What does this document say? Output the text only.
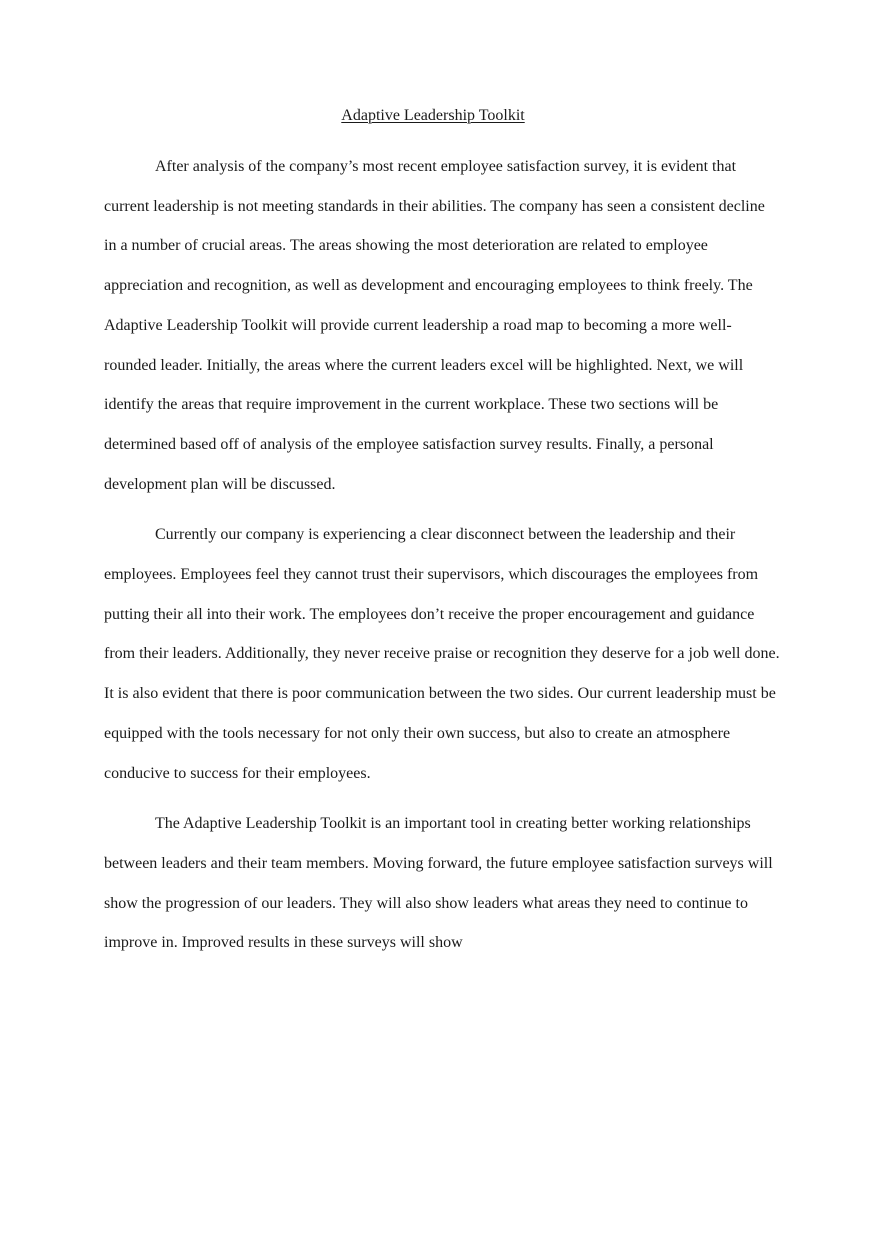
Adaptive Leadership Toolkit

After analysis of the company’s most recent employee satisfaction survey, it is evident that current leadership is not meeting standards in their abilities. The company has seen a consistent decline in a number of crucial areas. The areas showing the most deterioration are related to employee appreciation and recognition, as well as development and encouraging employees to think freely. The Adaptive Leadership Toolkit will provide current leadership a road map to becoming a more well-rounded leader. Initially, the areas where the current leaders excel will be highlighted. Next, we will identify the areas that require improvement in the current workplace. These two sections will be determined based off of analysis of the employee satisfaction survey results. Finally, a personal development plan will be discussed.

Currently our company is experiencing a clear disconnect between the leadership and their employees. Employees feel they cannot trust their supervisors, which discourages the employees from putting their all into their work. The employees don’t receive the proper encouragement and guidance from their leaders. Additionally, they never receive praise or recognition they deserve for a job well done. It is also evident that there is poor communication between the two sides. Our current leadership must be equipped with the tools necessary for not only their own success, but also to create an atmosphere conducive to success for their employees.

The Adaptive Leadership Toolkit is an important tool in creating better working relationships between leaders and their team members. Moving forward, the future employee satisfaction surveys will show the progression of our leaders. They will also show leaders what areas they need to continue to improve in. Improved results in these surveys will show
